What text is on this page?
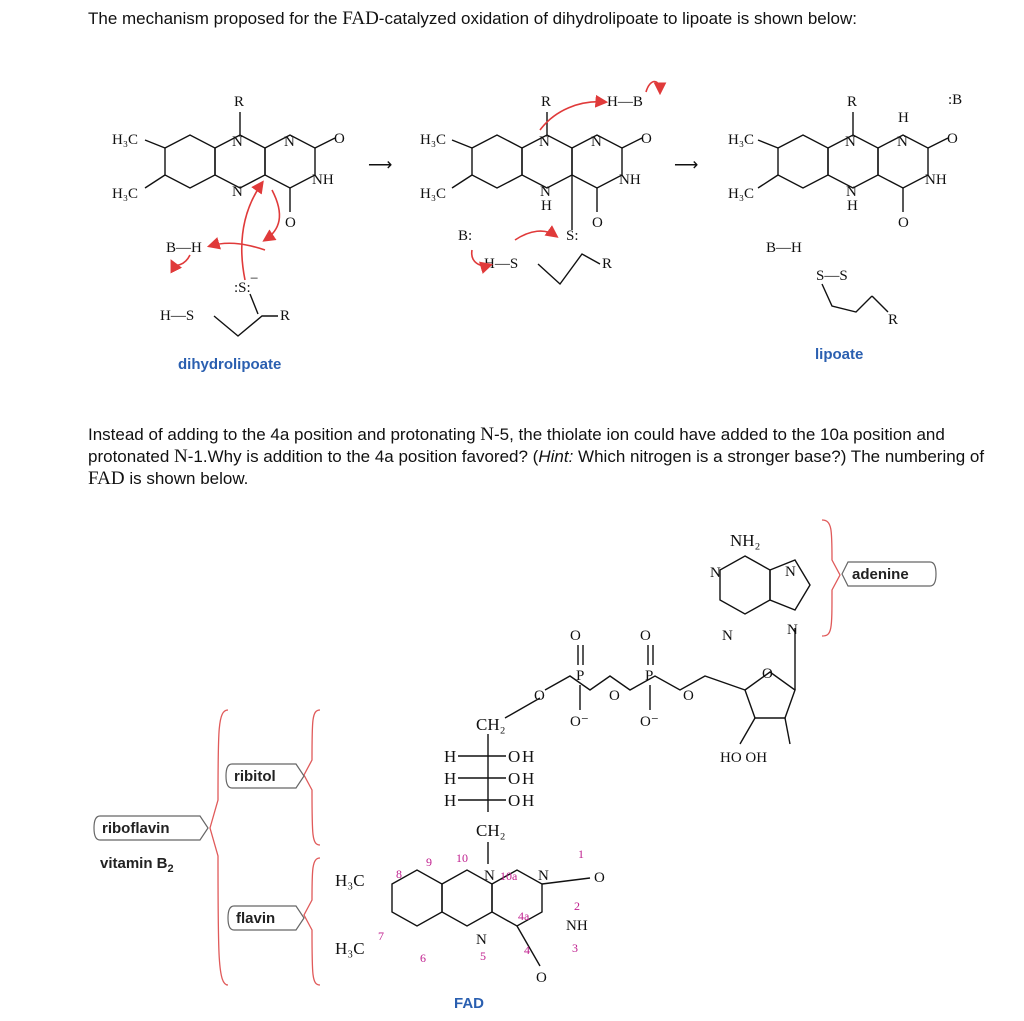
The mechanism proposed for the FAD-catalyzed oxidation of dihydrolipoate to lipoate is shown below:
Instead of adding to the 4a position and protonating N-5, the thiolate ion could have added to the 10a position and protonated N-1.Why is addition to the 4a position favored? (Hint: Which nitrogen is a stronger base?) The numbering of FAD is shown below.
R
N	N	O
NH
N
O
H₃C
H₃C
B—H
:S:
−
H—S	R
dihydrolipoate
⟶
R
N	N	O
NH
N
H
O
H₃C
H₃C
H—B
B:	S:
H—S	R
⟶
R
N	N
H
O
NH
N
H
O
H₃C
H₃C
:B
B—H
S—S
R
lipoate
NH₂
N
N
N
N
O
HO OH
P	P
O	O
O⁻	O⁻
O	O	O
CH₂
H
H
H
O
O
O
H
H
H
CH₂
N	N	O
NH
N
O
H₃C
H₃C
1
2
3
4
4a
5
6
7
8
9 10
10a
FAD
adenine
ribitol
riboflavin
flavin
vitamin $B_2$
